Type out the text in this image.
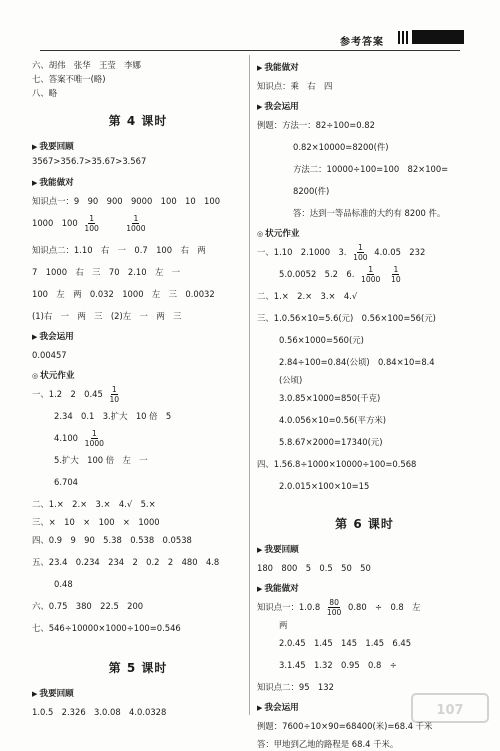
参考答案
六、胡伟　张华　王莹　李娜
七、答案不唯一(略)
八、略
第 4 课时
▶ 我要回顾
3567>356.7>35.67>3.567
▶ 我能做对
知识点一：9　90　900　9000　100　10　100
1000　$100 \frac{1}{100}$
	$\frac{1}{1000}$
知识点二：1.10　右　一　0.7　100　右　两
7　1000　右　三　70　2.10　左　一
100　左　两　0.032　1000　左　三　0.0032
(1)右　一　两　三　(2)左　一　两　三
▶ 我会运用
0.00457
◎ 状元作业
一、1.2　2　$0.45 \frac{1}{10}$
2.34　0.1　3.扩大　10 倍　5
$4.100 \frac{1}{1000}$
5.扩大　100 倍　左　一
6.704
二、1.×　2.×　3.×　4.√　5.×
三、×　10　×　100　×　1000
四、0.9　9　90　5.38　0.538　0.0538
五、23.4　0.234　234　2　0.2　2　480　4.8
0.48
六、0.75　380　22.5　200
七、546÷10000×1000÷100=0.546
第 5 课时
▶ 我要回顾
1.0.5　2.326　3.0.08　4.0.0328
▶ 我能做对
知识点：乘　右　四
▶ 我会运用
例题：方法一：82÷100=0.82
0.82×10000=8200(件)
方法二：10000÷100=100　82×100=
8200(件)
答：达到一等品标准的大约有 8200 件。
◎ 状元作业
一、1.10　2.1000　3. $\frac{1}{100} 4.0.05$　232
5.0.0052　5.2　6. $\frac{1}{1000}$
$\frac{1}{10}$
二、1.×　2.×　3.×　4.√
三、1.0.56×10=5.6(元)　0.56×100=56(元)
0.56×1000=560(元)
2.84÷100=0.84(公顷)　0.84×10=8.4
(公顷)
3.0.85×1000=850(千克)
4.0.056×10=0.56(平方米)
5.8.67×2000=17340(元)
四、1.56.8÷1000×10000÷100=0.568
2.0.015×100×10=15
第 6 课时
▶ 我要回顾
180　800　5　0.5　50　50
▶ 我能做对
知识点一：$1.0.8 \frac{80}{100} 0.80$　÷　0.8　左
两
2.0.45　1.45　145　1.45　6.45
3.1.45　1.32　0.95　0.8　÷
知识点二：95　132
▶ 我会运用
例题：7600÷10×90=68400(米)=68.4 千米
答：甲地到乙地的路程是 68.4 千米。
107
